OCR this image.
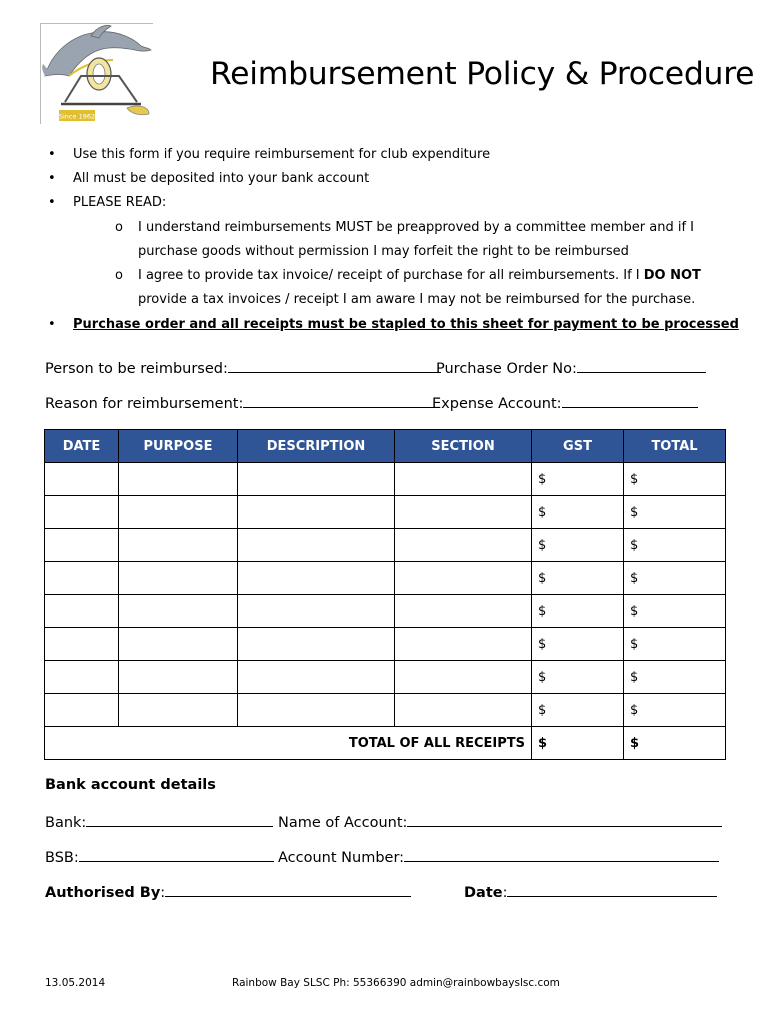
Since 1962
Reimbursement Policy & Procedure
• Use this form if you require reimbursement for club expenditure
• All must be deposited into your bank account
• PLEASE READ:
o I understand reimbursements MUST be preapproved by a committee member and if I
purchase goods without permission I may forfeit the right to be reimbursed
o I agree to provide tax invoice/ receipt of purchase for all reimbursements. If I DO NOT
provide a tax invoices / receipt I am aware I may not be reimbursed for the purchase.
• Purchase order and all receipts must be stapled to this sheet for payment to be processed
Person to be reimbursed:	Purchase Order No:
Reason for reimbursement:	Expense Account:
DATE	PURPOSE	DESCRIPTION	SECTION	GST	TOTAL
				$	$
				$	$
				$	$
				$	$
				$	$
				$	$
				$	$
				$	$
TOTAL OF ALL RECEIPTS				$	$
Bank account details
Bank:	Name of Account:
BSB:	Account Number:
Authorised By:	Date:
13.05.2014	Rainbow Bay SLSC Ph: 55366390 admin@rainbowbayslsc.com
